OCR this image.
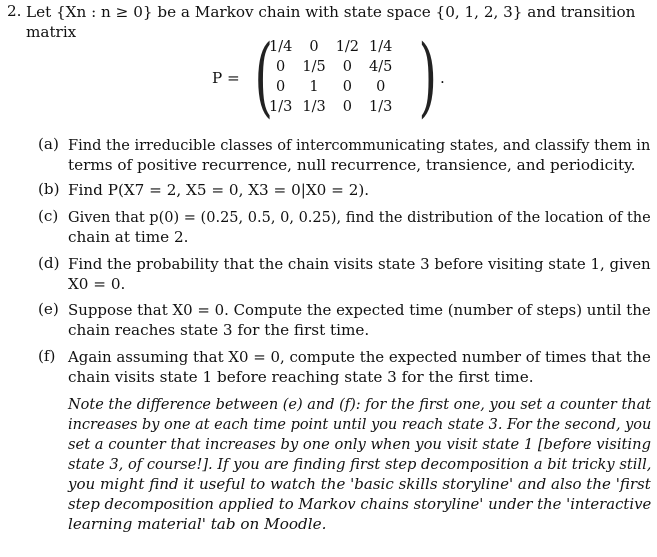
2. Let {Xn : n ≥ 0} be a Markov chain with state space {0, 1, 2, 3} and transition
matrix
P = (
1/4	0	1/2	1/4
0	1/5	0	4/5
0	1	0	0
1/3	1/3	0	1/3 ) .
(a) Find the irreducible classes of intercommunicating states, and classify them in
terms of positive recurrence, null recurrence, transience, and periodicity.
(b) Find P(X7 = 2, X5 = 0, X3 = 0|X0 = 2).
(c) Given that p(0) = (0.25, 0.5, 0, 0.25), find the distribution of the location of the
chain at time 2.
(d) Find the probability that the chain visits state 3 before visiting state 1, given
X0 = 0.
(e) Suppose that X0 = 0. Compute the expected time (number of steps) until the
chain reaches state 3 for the first time.
(f) Again assuming that X0 = 0, compute the expected number of times that the
chain visits state 1 before reaching state 3 for the first time.
Note the difference between (e) and (f): for the first one, you set a counter that
increases by one at each time point until you reach state 3. For the second, you
set a counter that increases by one only when you visit state 1 [before visiting
state 3, of course!]. If you are finding first step decomposition a bit tricky still,
you might find it useful to watch the 'basic skills storyline' and also the 'first
step decomposition applied to Markov chains storyline' under the 'interactive
learning material' tab on Moodle.
